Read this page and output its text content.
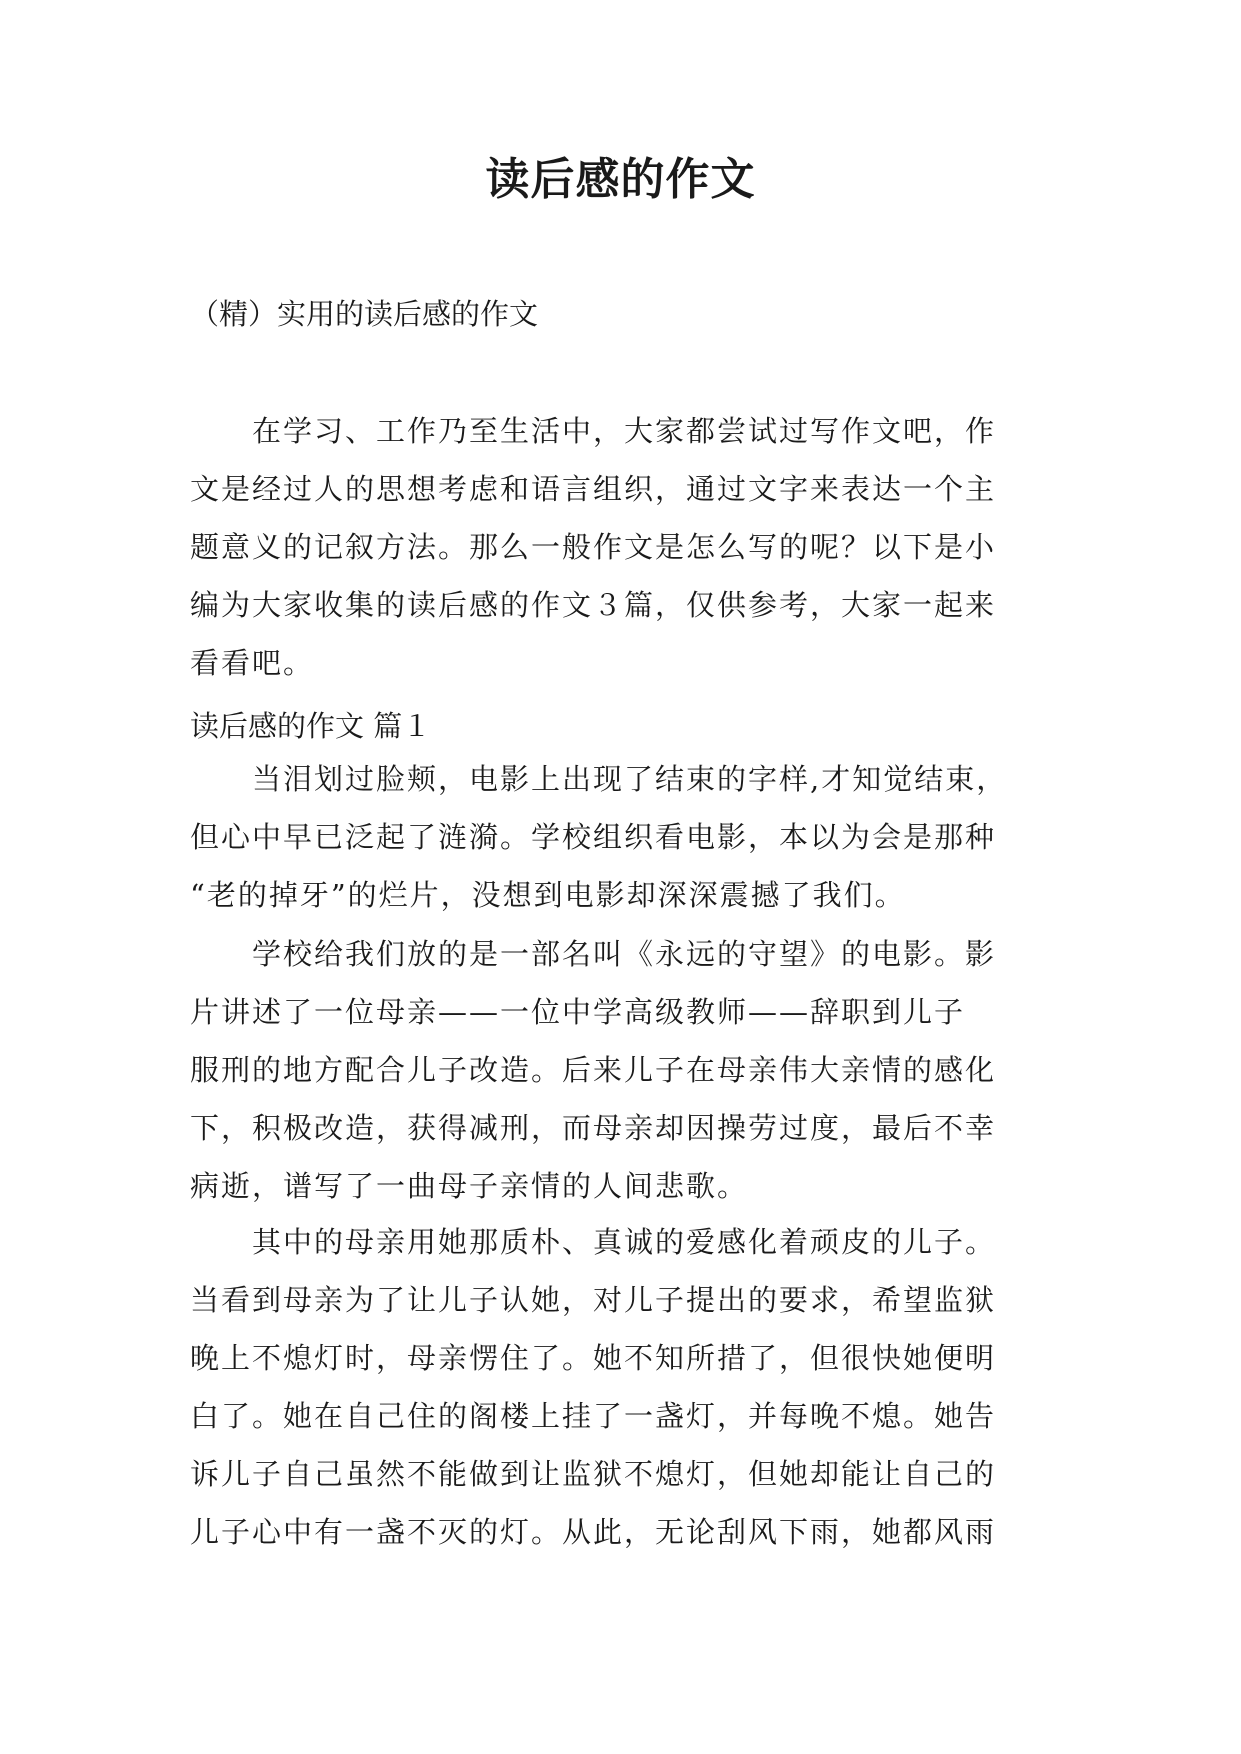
读后感的作文
（精）实用的读后感的作文
在学习、工作乃至生活中，大家都尝试过写作文吧，作
文是经过人的思想考虑和语言组织，通过文字来表达一个主
题意义的记叙方法。那么一般作文是怎么写的呢？以下是小
编为大家收集的读后感的作文３篇，仅供参考，大家一起来
看看吧。
读后感的作文 篇１
当泪划过脸颊，电影上出现了结束的字样,才知觉结束，
但心中早已泛起了涟漪。学校组织看电影，本以为会是那种
“老的掉牙”的烂片，没想到电影却深深震撼了我们。
学校给我们放的是一部名叫《永远的守望》的电影。影
片讲述了一位母亲——一位中学高级教师——辞职到儿子
服刑的地方配合儿子改造。后来儿子在母亲伟大亲情的感化
下，积极改造，获得减刑，而母亲却因操劳过度，最后不幸
病逝，谱写了一曲母子亲情的人间悲歌。
其中的母亲用她那质朴、真诚的爱感化着顽皮的儿子。
当看到母亲为了让儿子认她，对儿子提出的要求，希望监狱
晚上不熄灯时，母亲愣住了。她不知所措了，但很快她便明
白了。她在自己住的阁楼上挂了一盏灯，并每晚不熄。她告
诉儿子自己虽然不能做到让监狱不熄灯，但她却能让自己的
儿子心中有一盏不灭的灯。从此，无论刮风下雨，她都风雨
